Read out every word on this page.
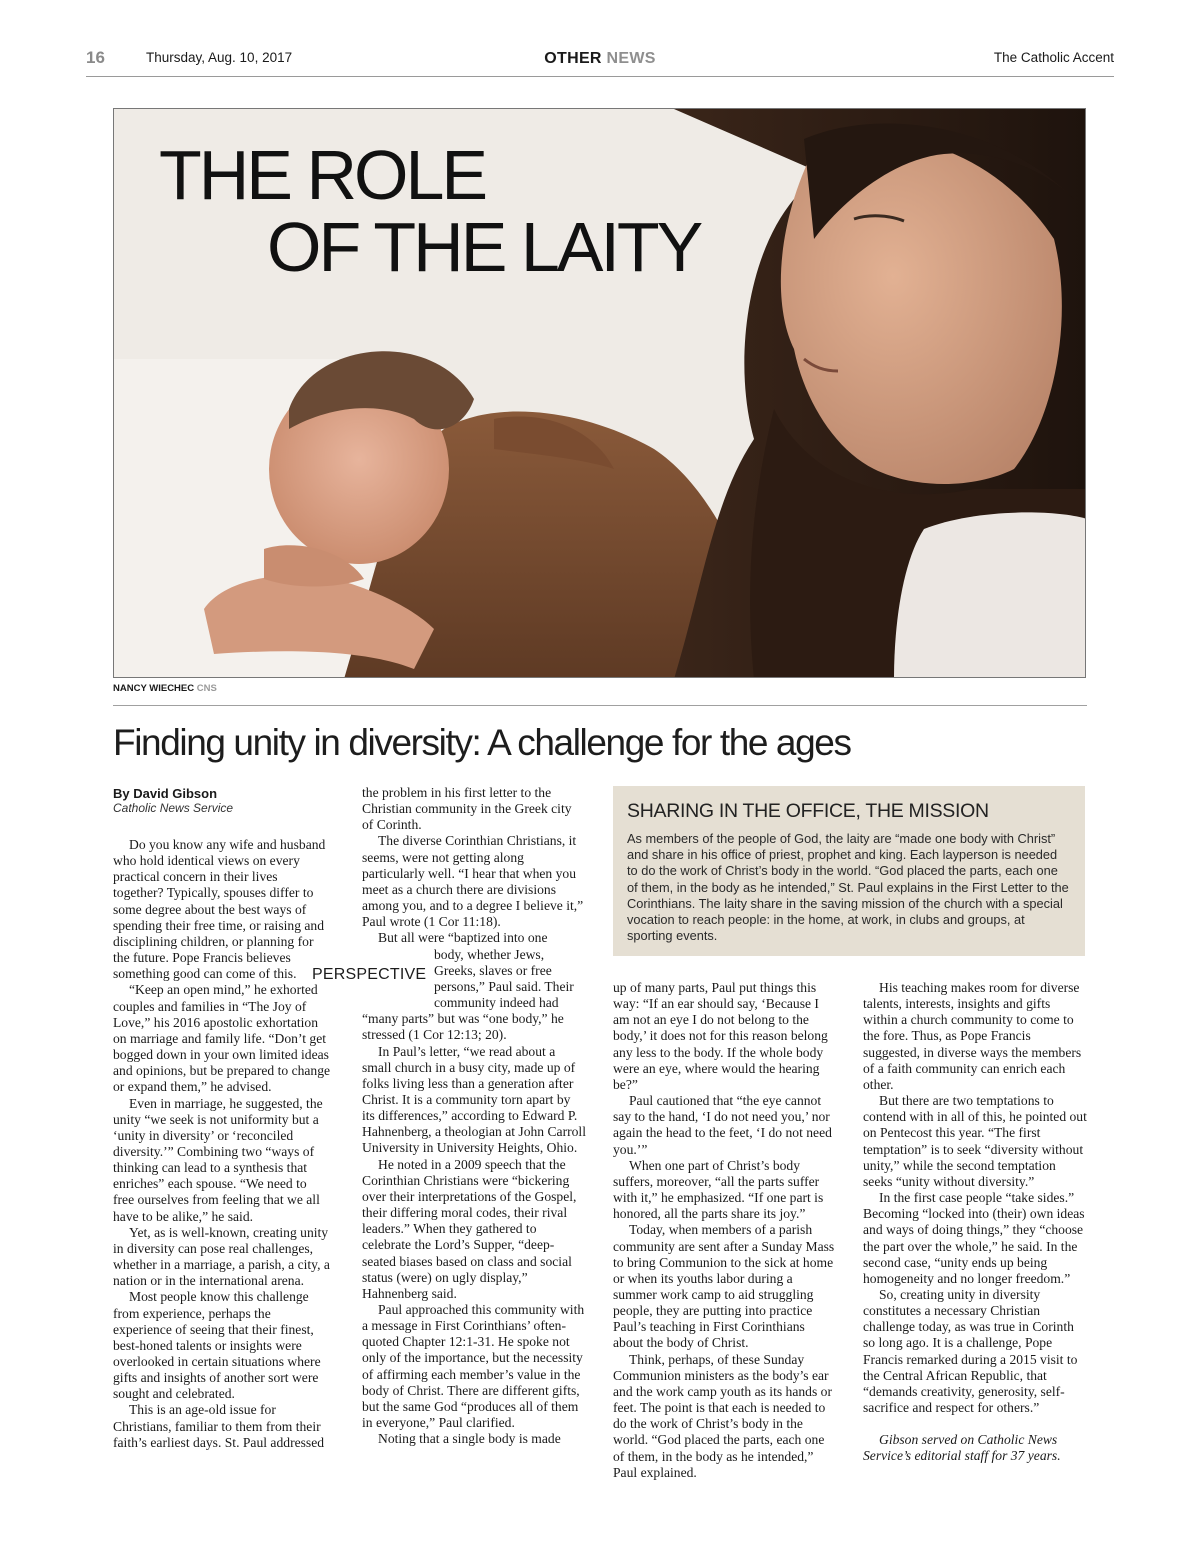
16	Thursday, Aug. 10, 2017	OTHER NEWS	The Catholic Accent
THE ROLE
OF THE LAITY
NANCY WIECHEC CNS
Finding unity in diversity: A challenge for the ages
By David Gibson
Catholic News Service

Do you know any wife and husband who hold identical views on every practical concern in their lives together? Typically, spouses differ to some degree about the best ways of spending their free time, or raising and disciplining children, or planning for the future. Pope Francis believes something good can come of this.

“Keep an open mind,” he exhorted couples and families in “The Joy of Love,” his 2016 apostolic exhortation on marriage and family life. “Don’t get bogged down in your own limited ideas and opinions, but be prepared to change or expand them,” he advised.

Even in marriage, he suggested, the unity “we seek is not uniformity but a ‘unity in diversity’ or ‘reconciled diversity.’” Combining two “ways of thinking can lead to a synthesis that enriches” each spouse. “We need to free ourselves from feeling that we all have to be alike,” he said.

Yet, as is well-known, creating unity in diversity can pose real challenges, whether in a marriage, a parish, a city, a nation or in the international arena.

Most people know this challenge from experience, perhaps the experience of seeing that their finest, best-honed talents or insights were overlooked in certain situations where gifts and insights of another sort were sought and celebrated.

This is an age-old issue for Christians, familiar to them from their faith’s earliest days. St. Paul addressed

the problem in his first letter to the Christian community in the Greek city of Corinth.

The diverse Corinthian Christians, it seems, were not getting along particularly well. “I hear that when you meet as a church there are divisions among you, and to a degree I believe it,” Paul wrote (1 Cor 11:18).

But all were “baptized into one

body, whether Jews, Greeks, slaves or free persons,” Paul said. Their community indeed had

“many parts” but was “one body,” he stressed (1 Cor 12:13; 20).

In Paul’s letter, “we read about a small church in a busy city, made up of folks living less than a generation after Christ. It is a community torn apart by its differences,” according to Edward P. Hahnenberg, a theologian at John Carroll University in University Heights, Ohio.

He noted in a 2009 speech that the Corinthian Christians were “bickering over their interpretations of the Gospel, their differing moral codes, their rival leaders.” When they gathered to celebrate the Lord’s Supper, “deep-seated biases based on class and social status (were) on ugly display,” Hahnenberg said.

Paul approached this community with a message in First Corinthians’ often-quoted Chapter 12:1-31. He spoke not only of the importance, but the necessity of affirming each member’s value in the body of Christ. There are different gifts, but the same God “produces all of them in everyone,” Paul clarified.

Noting that a single body is made

PERSPECTIVE
SHARING IN THE OFFICE, THE MISSION

As members of the people of God, the laity are “made one body with Christ” and share in his office of priest, prophet and king. Each layperson is needed to do the work of Christ’s body in the world. “God placed the parts, each one of them, in the body as he intended,” St. Paul explains in the First Letter to the Corinthians. The laity share in the saving mission of the church with a special vocation to reach people: in the home, at work, in clubs and groups, at sporting events.

up of many parts, Paul put things this way: “If an ear should say, ‘Because I am not an eye I do not belong to the body,’ it does not for this reason belong any less to the body. If the whole body were an eye, where would the hearing be?”

Paul cautioned that “the eye cannot say to the hand, ‘I do not need you,’ nor again the head to the feet, ‘I do not need you.’”

When one part of Christ’s body suffers, moreover, “all the parts suffer with it,” he emphasized. “If one part is honored, all the parts share its joy.”

Today, when members of a parish community are sent after a Sunday Mass to bring Communion to the sick at home or when its youths labor during a summer work camp to aid struggling people, they are putting into practice Paul’s teaching in First Corinthians about the body of Christ.

Think, perhaps, of these Sunday Communion ministers as the body’s ear and the work camp youth as its hands or feet. The point is that each is needed to do the work of Christ’s body in the world. “God placed the parts, each one of them, in the body as he intended,” Paul explained.

His teaching makes room for diverse talents, interests, insights and gifts within a church community to come to the fore. Thus, as Pope Francis suggested, in diverse ways the members of a faith community can enrich each other.

But there are two temptations to contend with in all of this, he pointed out on Pentecost this year. “The first temptation” is to seek “diversity without unity,” while the second temptation seeks “unity without diversity.”

In the first case people “take sides.” Becoming “locked into (their) own ideas and ways of doing things,” they “choose the part over the whole,” he said. In the second case, “unity ends up being homogeneity and no longer freedom.”

So, creating unity in diversity constitutes a necessary Christian challenge today, as was true in Corinth so long ago. It is a challenge, Pope Francis remarked during a 2015 visit to the Central African Republic, that “demands creativity, generosity, self-sacrifice and respect for others.”

Gibson served on Catholic News Service’s editorial staff for 37 years.
